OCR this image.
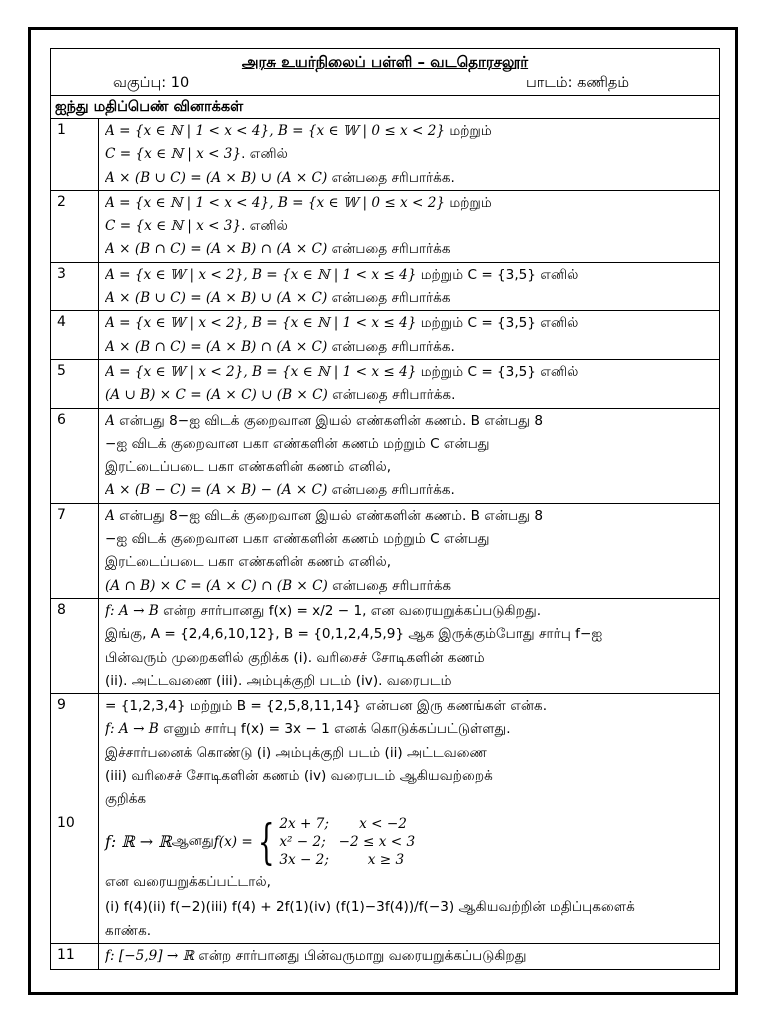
அரசு உயர்நிலைப் பள்ளி – வடதொரசலூர்
வகுப்பு: 10	பாடம்: கணிதம்
ஐந்து மதிப்பெண் வினாக்கள்
1	A = {x ∈ ℕ | 1 < x < 4}, B = {x ∈ 𝕎 | 0 ≤ x < 2} மற்றும்
C = {x ∈ ℕ | x < 3}. எனில்
A × (B ∪ C) = (A × B) ∪ (A × C) என்பதை சரிபார்க்க.
2	A = {x ∈ ℕ | 1 < x < 4}, B = {x ∈ 𝕎 | 0 ≤ x < 2} மற்றும்
C = {x ∈ ℕ | x < 3}. எனில்
A × (B ∩ C) = (A × B) ∩ (A × C) என்பதை சரிபார்க்க
3	A = {x ∈ 𝕎 | x < 2}, B = {x ∈ ℕ | 1 < x ≤ 4} மற்றும் C = {3,5} எனில்
A × (B ∪ C) = (A × B) ∪ (A × C) என்பதை சரிபார்க்க
4	A = {x ∈ 𝕎 | x < 2}, B = {x ∈ ℕ | 1 < x ≤ 4} மற்றும் C = {3,5} எனில்
A × (B ∩ C) = (A × B) ∩ (A × C) என்பதை சரிபார்க்க.
5	A = {x ∈ 𝕎 | x < 2}, B = {x ∈ ℕ | 1 < x ≤ 4} மற்றும் C = {3,5} எனில்
(A ∪ B) × C = (A × C) ∪ (B × C) என்பதை சரிபார்க்க.
6	A என்பது 8−ஐ விடக் குறைவான இயல் எண்களின் கணம். B என்பது 8
−ஐ விடக் குறைவான பகா எண்களின் கணம் மற்றும் C என்பது
இரட்டைப்படை பகா எண்களின் கணம் எனில்,
A × (B − C) = (A × B) − (A × C) என்பதை சரிபார்க்க.
7	A என்பது 8−ஐ விடக் குறைவான இயல் எண்களின் கணம். B என்பது 8
−ஐ விடக் குறைவான பகா எண்களின் கணம் மற்றும் C என்பது
இரட்டைப்படை பகா எண்களின் கணம் எனில்,
(A ∩ B) × C = (A × C) ∩ (B × C) என்பதை சரிபார்க்க
8	f: A → B என்ற சார்பானது f(x) = x/2 − 1, என வரையறுக்கப்படுகிறது.
இங்கு, A = {2,4,6,10,12}, B = {0,1,2,4,5,9} ஆக இருக்கும்போது சார்பு f−ஐ
பின்வரும் முறைகளில் குறிக்க (i). வரிசைச் சோடிகளின் கணம்
(ii). அட்டவணை (iii). அம்புக்குறி படம் (iv). வரைபடம்
9	= {1,2,3,4} மற்றும் B = {2,5,8,11,14} என்பன இரு கணங்கள் என்க.
f: A → B எனும் சார்பு f(x) = 3x − 1 எனக் கொடுக்கப்பட்டுள்ளது.
இச்சார்பனைக் கொண்டு (i) அம்புக்குறி படம் (ii) அட்டவணை
(iii) வரிசைச் சோடிகளின் கணம் (iv) வரைபடம் ஆகியவற்றைக்
குறிக்க
10
f: ℝ → ℝ ஆனது f(x) = { 2x + 7;       x < −2
x² − 2;   −2 ≤ x < 3
3x − 2;         x ≥ 3
என வரையறுக்கப்பட்டால்,
(i) f(4)(ii) f(−2)(iii) f(4) + 2f(1)(iv) (f(1)−3f(4))/f(−3) ஆகியவற்றின் மதிப்புகளைக்
காண்க.
11	f: [−5,9] → ℝ என்ற சார்பானது பின்வருமாறு வரையறுக்கப்படுகிறது
